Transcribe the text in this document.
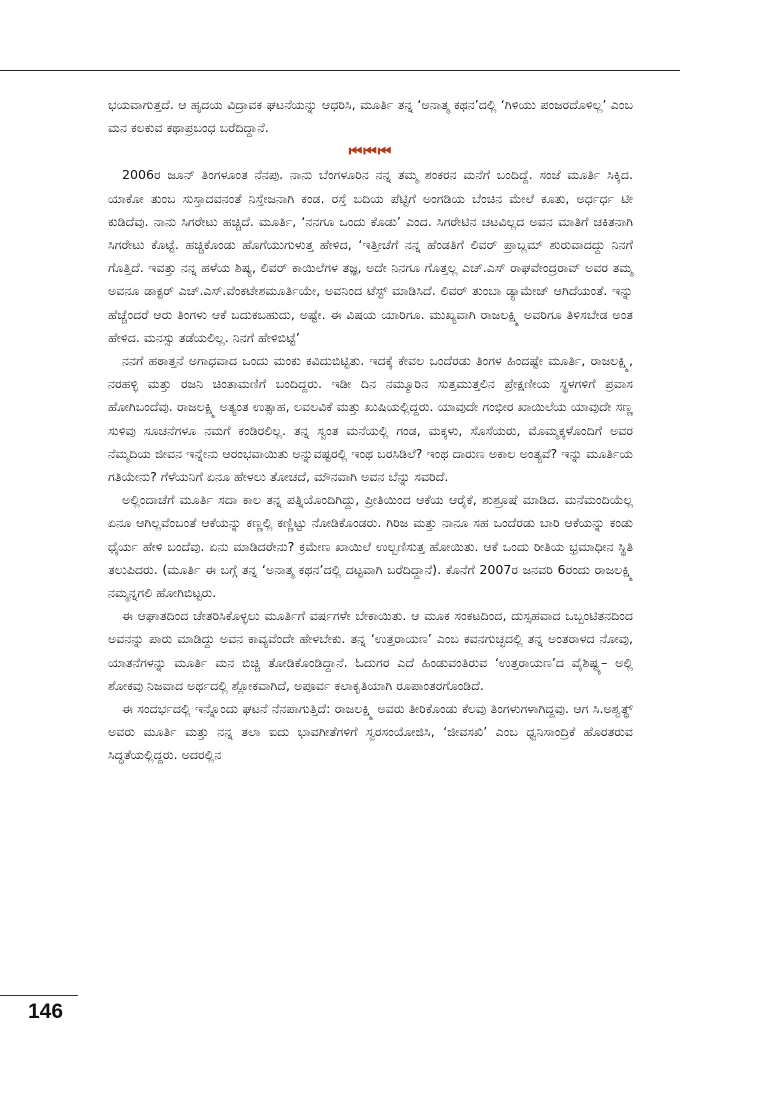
ಭಯವಾಗುತ್ತದೆ. ಆ ಹೃದಯ ವಿದ್ರಾವಕ ಘಟನೆಯನ್ನು ಆಧರಿಸಿ, ಮೂರ್ತಿ ತನ್ನ ‘ಅನಾತ್ಮ ಕಥನ’ದಲ್ಲಿ ‘ಗಿಳಿಯು ಪಂಜರದೊಳಿಲ್ಲ’ ಎಂಬ ಮನ ಕಲಕುವ ಕಥಾಪ್ರಬಂಧ ಬರೆದಿದ್ದಾನೆ.

⏮⏮⏮

2006ರ ಜೂನ್ ತಿಂಗಳೂಂತ ನೆನಪು. ನಾನು ಬೆಂಗಳೂರಿನ ನನ್ನ ತಮ್ಮ ಶಂಕರನ ಮನೆಗೆ ಬಂದಿದ್ದೆ. ಸಂಜೆ ಮೂರ್ತಿ ಸಿಕ್ಕಿದ. ಯಾಕೋ ತುಂಬ ಸುಸ್ತಾದವನಂತೆ ನಿಸ್ತೇಜನಾಗಿ ಕಂಡ. ರಸ್ತೆ ಬದಿಯ ಪೆಟ್ಟಿಗೆ ಅಂಗಡಿಯ ಬೆಂಚಿನ ಮೇಲೆ ಕೂತು, ಅರ್ಧರ್ಧ ಟೀ ಕುಡಿದೆವು. ನಾನು ಸಿಗರೇಟು ಹಚ್ಚಿದೆ. ಮೂರ್ತಿ, ‘ನನಗೂ ಒಂದು ಕೊಡು’ ಎಂದ. ಸಿಗರೇಟಿನ ಚಟವಿಲ್ಲದ ಅವನ ಮಾತಿಗೆ ಚಕಿತನಾಗಿ ಸಿಗರೇಟು ಕೊಟ್ಟೆ. ಹಚ್ಚಿಕೊಂಡು ಹೊಗೆಯುಗುಳುತ್ತ ಹೇಳಿದ, ‘ಇತ್ತೀಚೆಗೆ ನನ್ನ ಹೆಂಡತಿಗೆ ಲಿವರ್ ಪ್ರಾಬ್ಲಮ್ ಶುರುವಾದದ್ದು ನಿನಗೆ ಗೊತ್ತಿದೆ. ಇವತ್ತು ನನ್ನ ಹಳೆಯ ಶಿಷ್ಯ, ಲಿವರ್ ಕಾಯಿಲೆಗಳ ತಜ್ಞ, ಅದೇ ನಿನಗೂ ಗೊತ್ತಲ್ಲ ಎಚ್.ಎಸ್ ರಾಘವೇಂದ್ರರಾವ್ ಅವರ ತಮ್ಮ ಅವನೂ ಡಾಕ್ಟರ್ ಎಚ್.ಎಸ್.ವೆಂಕಟೇಶಮೂರ್ತಿಯೇ, ಅವನಿಂದ ಟೆಸ್ಟ್ ಮಾಡಿಸಿದೆ. ಲಿವರ್ ತುಂಬಾ ಡ್ಯಾಮೇಜ್ ಆಗಿದೆಯಂತೆ. ಇನ್ನು ಹೆಚ್ಚೆಂದರೆ ಆರು ತಿಂಗಳು ಆಕೆ ಬದುಕಬಹುದು, ಅಷ್ಟೇ. ಈ ವಿಷಯ ಯಾರಿಗೂ. ಮುಖ್ಯವಾಗಿ ರಾಜಲಕ್ಷ್ಮಿ ಅವರಿಗೂ ತಿಳಿಸಬೇಡ ಅಂತ ಹೇಳಿದ. ಮನಸ್ಸು ತಡೆಯಲಿಲ್ಲ. ನಿನಗೆ ಹೇಳಿಬಿಟ್ಟೆ’

ನನಗೆ ಹಠಾತ್ತನೆ ಅಗಾಧವಾದ ಒಂದು ಮಂಕು ಕವಿದುಬಿಟ್ಟಿತು. ಇದಕ್ಕೆ ಕೇವಲ ಒಂದೆರಡು ತಿಂಗಳ ಹಿಂದಷ್ಟೇ ಮೂರ್ತಿ, ರಾಜಲಕ್ಷ್ಮಿ, ನರಹಳ್ಳಿ ಮತ್ತು ರಜನಿ ಚಿಂತಾಮಣಿಗೆ ಬಂದಿದ್ದರು. ಇಡೀ ದಿನ ನಮ್ಮೂರಿನ ಸುತ್ತಮುತ್ತಲಿನ ಪ್ರೇಕ್ಷಣೀಯ ಸ್ಥಳಗಳಿಗೆ ಪ್ರವಾಸ ಹೋಗಿಬಂದೆವು. ರಾಜಲಕ್ಷ್ಮಿ ಅತ್ಯಂತ ಉತ್ಸಾಹ, ಲವಲವಿಕೆ ಮತ್ತು ಖುಷಿಯಲ್ಲಿದ್ದರು. ಯಾವುದೇ ಗಂಭೀರ ಖಾಯಿಲೆಯ ಯಾವುದೇ ಸಣ್ಣ ಸುಳಿವು ಸೂಚನೆಗಳೂ ನಮಗೆ ಕಂಡಿರಲಿಲ್ಲ. ತನ್ನ ಸ್ವಂತ ಮನೆಯಲ್ಲಿ ಗಂಡ, ಮಕ್ಕಳು, ಸೊಸೆಯರು, ಮೊಮ್ಮಕ್ಕಳೊಂದಿಗೆ ಅವರ ನೆಮ್ಮದಿಯ ಜೀವನ ಇನ್ನೇನು ಆರಂಭವಾಯಿತು ಅನ್ನುವಷ್ಟರಲ್ಲಿ ಇಂಥ ಬರಸಿಡಿಲೆ? ಇಂಥ ದಾರುಣ ಅಕಾಲ ಅಂತ್ಯವೆ? ಇನ್ನು ಮೂರ್ತಿಯ ಗತಿಯೇನು? ಗೆಳೆಯನಿಗೆ ಏನೂ ಹೇಳಲು ತೋಚದೆ, ಮೌನವಾಗಿ ಅವನ ಬೆನ್ನು ಸವರಿದೆ.

ಅಲ್ಲಿಂದಾಚೆಗೆ ಮೂರ್ತಿ ಸದಾ ಕಾಲ ತನ್ನ ಪತ್ನಿಯೊಂದಿಗಿದ್ದು, ಪ್ರೀತಿಯಿಂದ ಆಕೆಯ ಆರೈಕೆ, ಶುಶ್ರೂಷೆ ಮಾಡಿದ. ಮನೆಮಂದಿಯೆಲ್ಲ ಏನೂ ಆಗಿಲ್ಲವೆಂಬಂತೆ ಆಕೆಯನ್ನು ಕಣ್ಣಲ್ಲಿ ಕಣ್ಣಿಟ್ಟು ನೋಡಿಕೊಂಡರು. ಗಿರಿಜ ಮತ್ತು ನಾನೂ ಸಹ ಒಂದೆರಡು ಬಾರಿ ಆಕೆಯನ್ನು ಕಂಡು ಧೈರ್ಯ ಹೇಳಿ ಬಂದೆವು. ಏನು ಮಾಡಿದರೇನು? ಕ್ರಮೇಣ ಖಾಯಿಲೆ ಉಲ್ಬಣಿಸುತ್ತ ಹೋಯಿತು. ಆಕೆ ಒಂದು ರೀತಿಯ ಭ್ರಮಾಧೀನ ಸ್ಥಿತಿ ತಲುಪಿದರು. (ಮೂರ್ತಿ ಈ ಬಗ್ಗೆ ತನ್ನ ‘ಅನಾತ್ಮ ಕಥನ’ದಲ್ಲಿ ದಟ್ಟವಾಗಿ ಬರೆದಿದ್ದಾನೆ). ಕೊನೆಗೆ 2007ರ ಜನವರಿ 6ರಂದು ರಾಜಲಕ್ಷ್ಮಿ ನಮ್ಮನ್ನಗಲಿ ಹೋಗಿಬಿಟ್ಟರು.

ಈ ಆಘಾತದಿಂದ ಚೇತರಿಸಿಕೊಳ್ಳಲು ಮೂರ್ತಿಗೆ ವರ್ಷಗಳೇ ಬೇಕಾಯಿತು. ಆ ಮೂಕ ಸಂಕಟದಿಂದ, ದುಸ್ಸಹವಾದ ಒಬ್ಬಂಟಿತನದಿಂದ ಅವನನ್ನು ಪಾರು ಮಾಡಿದ್ದು ಅವನ ಕಾವ್ಯವೆಂದೇ ಹೇಳಬೇಕು. ತನ್ನ ‘ಉತ್ತರಾಯಣ’ ಎಂಬ ಕವನಗುಚ್ಛದಲ್ಲಿ ತನ್ನ ಅಂತರಾಳದ ನೋವು, ಯಾತನೆಗಳನ್ನು ಮೂರ್ತಿ ಮನ ಬಿಚ್ಚಿ ತೋಡಿಕೊಂಡಿದ್ದಾನೆ. ಓದುಗರ ಎದೆ ಹಿಂಡುವಂತಿರುವ ‘ಉತ್ತರಾಯಣ’ದ ವೈಶಿಷ್ಟ್ಯ– ಅಲ್ಲಿ ಶೋಕವು ನಿಜವಾದ ಅರ್ಥದಲ್ಲಿ ಶ್ಲೋಕವಾಗಿದೆ, ಅಪೂರ್ವ ಕಲಾಕೃತಿಯಾಗಿ ರೂಪಾಂತರಗೊಂಡಿದೆ.

ಈ ಸಂದರ್ಭದಲ್ಲಿ ಇನ್ನೊಂದು ಘಟನೆ ನೆನಪಾಗುತ್ತಿದೆ: ರಾಜಲಕ್ಷ್ಮಿ ಅವರು ತೀರಿಕೊಂಡು ಕೆಲವು ತಿಂಗಳುಗಳಾಗಿದ್ದವು. ಆಗ ಸಿ.ಅಶ್ವತ್ಥ್ ಅವರು ಮೂರ್ತಿ ಮತ್ತು ನನ್ನ ತಲಾ ಐದು ಭಾವಗೀತೆಗಳಿಗೆ ಸ್ವರಸಂಯೋಜಿಸಿ, ‘ಜೀವಸಖಿ’ ಎಂಬ ಧ್ವನಿಸಾಂದ್ರಿಕೆ ಹೊರತರುವ ಸಿದ್ಧತೆಯಲ್ಲಿದ್ದರು. ಅದರಲ್ಲಿನ

146
